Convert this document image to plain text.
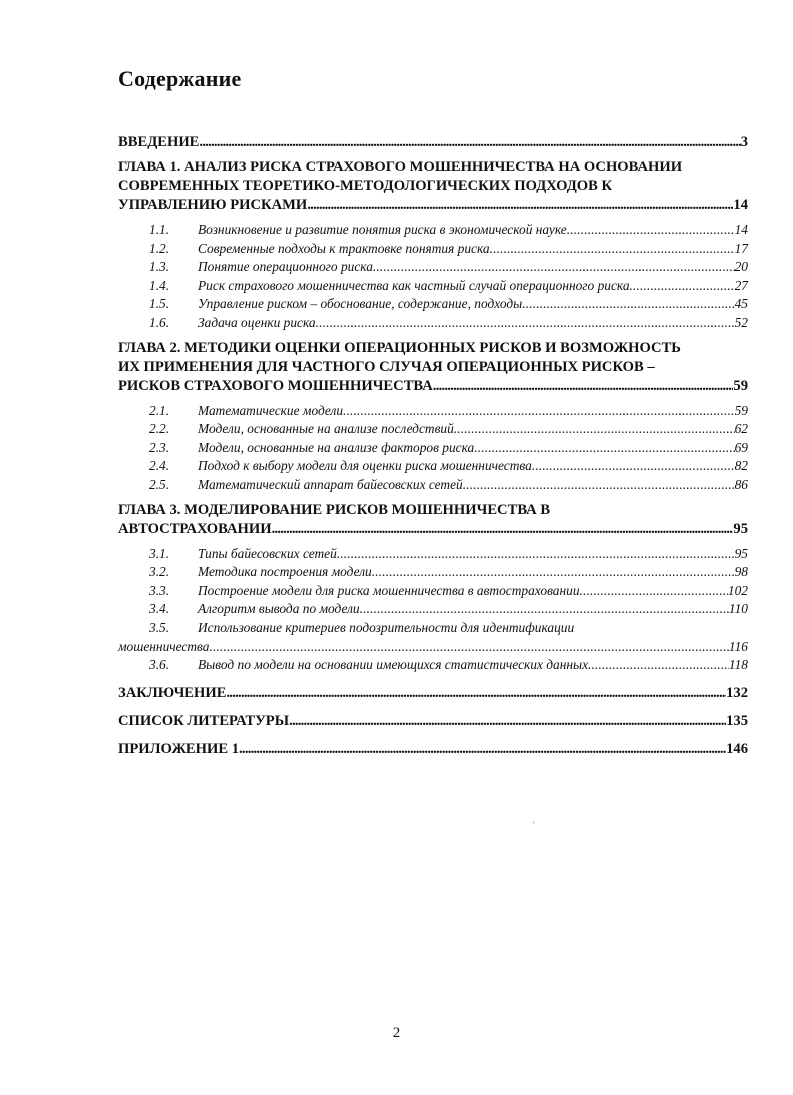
Содержание
ВВЕДЕНИЕ . . .	3
ГЛАВА 1. АНАЛИЗ РИСКА СТРАХОВОГО МОШЕННИЧЕСТВА НА ОСНОВАНИИ
СОВРЕМЕННЫХ ТЕОРЕТИКО-МЕТОДОЛОГИЧЕСКИХ ПОДХОДОВ К
УПРАВЛЕНИЮ РИСКАМИ . . .	14
1.1.	Возникновение и развитие понятия риска в экономической науке . . .	14
1.2.	Современные подходы к трактовке понятия риска . . .	17
1.3.	Понятие операционного риска . . .	20
1.4.	Риск страхового мошенничества как частный случай операционного риска . . .	27
1.5.	Управление риском – обоснование, содержание, подходы . . .	45
1.6.	Задача оценки риска . . .	52
ГЛАВА 2. МЕТОДИКИ ОЦЕНКИ ОПЕРАЦИОННЫХ РИСКОВ И ВОЗМОЖНОСТЬ
ИХ ПРИМЕНЕНИЯ ДЛЯ ЧАСТНОГО СЛУЧАЯ ОПЕРАЦИОННЫХ РИСКОВ –
РИСКОВ СТРАХОВОГО МОШЕННИЧЕСТВА . . .	59
2.1.	Математические модели . . .	59
2.2.	Модели, основанные на анализе последствий . . .	62
2.3.	Модели, основанные на анализе факторов риска . . .	69
2.4.	Подход к выбору модели для оценки риска мошенничества . . .	82
2.5.	Математический аппарат байесовских сетей . . .	86
ГЛАВА 3. МОДЕЛИРОВАНИЕ РИСКОВ МОШЕННИЧЕСТВА В
АВТОСТРАХОВАНИИ . . .	95
3.1.	Типы байесовских сетей . . .	95
3.2.	Методика построения модели . . .	98
3.3.	Построение модели для риска мошенничества в автостраховании . . .	102
3.4.	Алгоритм вывода по модели . . .	110
3.5. Использование критериев подозрительности для идентификации
мошенничества . . .	116
3.6.	Вывод по модели на основании имеющихся статистических данных . . .	118
ЗАКЛЮЧЕНИЕ . . .	132
СПИСОК ЛИТЕРАТУРЫ . . .	135
ПРИЛОЖЕНИЕ 1 . . .	146
'
2
